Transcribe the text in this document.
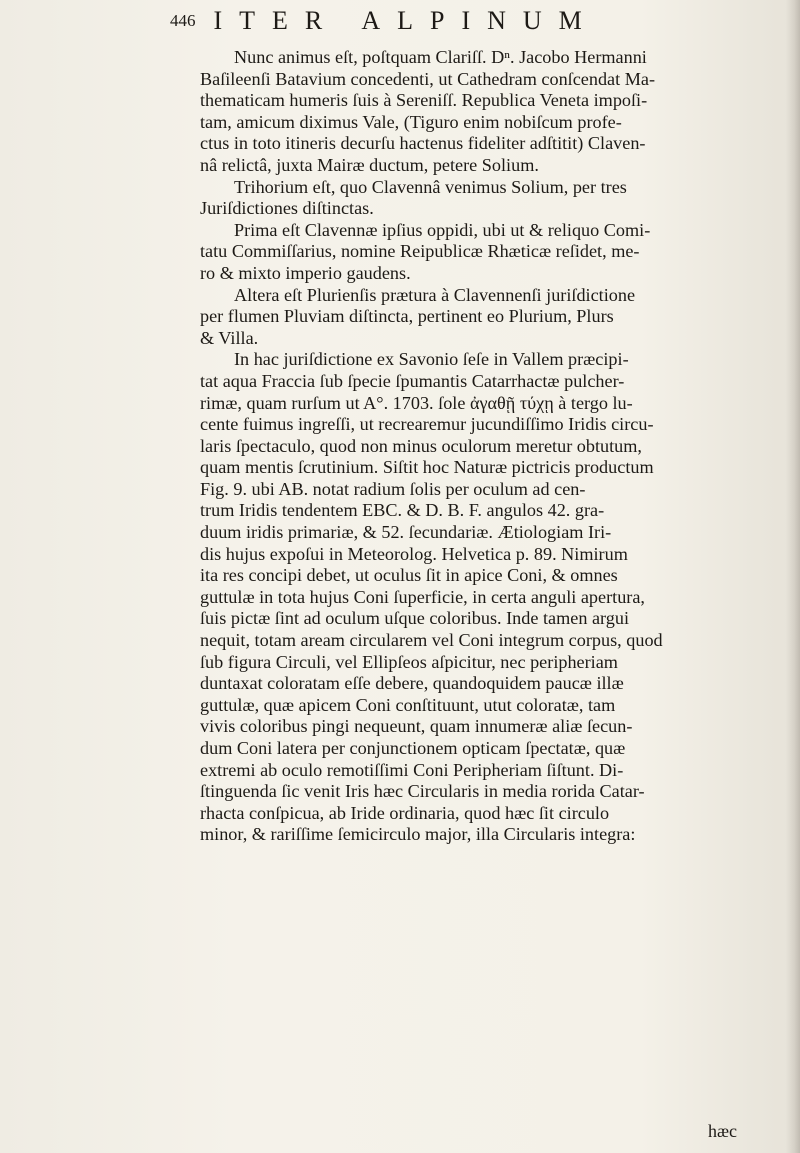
446 ITER ALPINUM
Nunc animus eſt, poſtquam Clariſſ. Dⁿ. Jacobo Hermanni
Baſileenſi Batavium concedenti, ut Cathedram conſcendat Ma-
thematicam humeris ſuis à Sereniſſ. Republica Veneta impoſi-
tam, amicum diximus Vale, (Tiguro enim nobiſcum profe-
ctus in toto itineris decurſu hactenus fideliter adſtitit) Claven-
nâ relictâ, juxta Mairæ ductum, petere Solium.
Trihorium eſt, quo Clavennâ venimus Solium, per tres
Juriſdictiones diſtinctas.
Prima eſt Clavennæ ipſius oppidi, ubi ut & reliquo Comi-
tatu Commiſſarius, nomine Reipublicæ Rhæticæ reſidet, me-
ro & mixto imperio gaudens.
Altera eſt Plurienſis prætura à Clavennenſi juriſdictione
per flumen Pluviam diſtincta, pertinent eo Plurium, Plurs
& Villa.
In hac juriſdictione ex Savonio ſeſe in Vallem præcipi-
tat aqua Fraccia ſub ſpecie ſpumantis Catarrhactæ pulcher-
rimæ, quam rurſum ut A°. 1703. ſole ἀγαθῇ τύχῃ à tergo lu-
cente fuimus ingreſſi, ut recrearemur jucundiſſimo Iridis circu-
laris ſpectaculo, quod non minus oculorum meretur obtutum,
quam mentis ſcrutinium. Siſtit hoc Naturæ pictricis productum
Fig. 9. ubi AB. notat radium ſolis per oculum ad cen-
trum Iridis tendentem EBC. & D. B. F. angulos 42. gra-
duum iridis primariæ, & 52. ſecundariæ. Ætiologiam Iri-
dis hujus expoſui in Meteorolog. Helvetica p. 89. Nimirum
ita res concipi debet, ut oculus ſit in apice Coni, & omnes
guttulæ in tota hujus Coni ſuperficie, in certa anguli apertura,
ſuis pictæ ſint ad oculum uſque coloribus. Inde tamen argui
nequit, totam aream circularem vel Coni integrum corpus, quod
ſub figura Circuli, vel Ellipſeos aſpicitur, nec peripheriam
duntaxat coloratam eſſe debere, quandoquidem paucæ illæ
guttulæ, quæ apicem Coni conſtituunt, utut coloratæ, tam
vivis coloribus pingi nequeunt, quam innumeræ aliæ ſecun-
dum Coni latera per conjunctionem opticam ſpectatæ, quæ
extremi ab oculo remotiſſimi Coni Peripheriam ſiſtunt. Di-
ſtinguenda ſic venit Iris hæc Circularis in media rorida Catar-
rhacta conſpicua, ab Iride ordinaria, quod hæc ſit circulo
minor, & rariſſime ſemicirculo major, illa Circularis integra:
hæc
